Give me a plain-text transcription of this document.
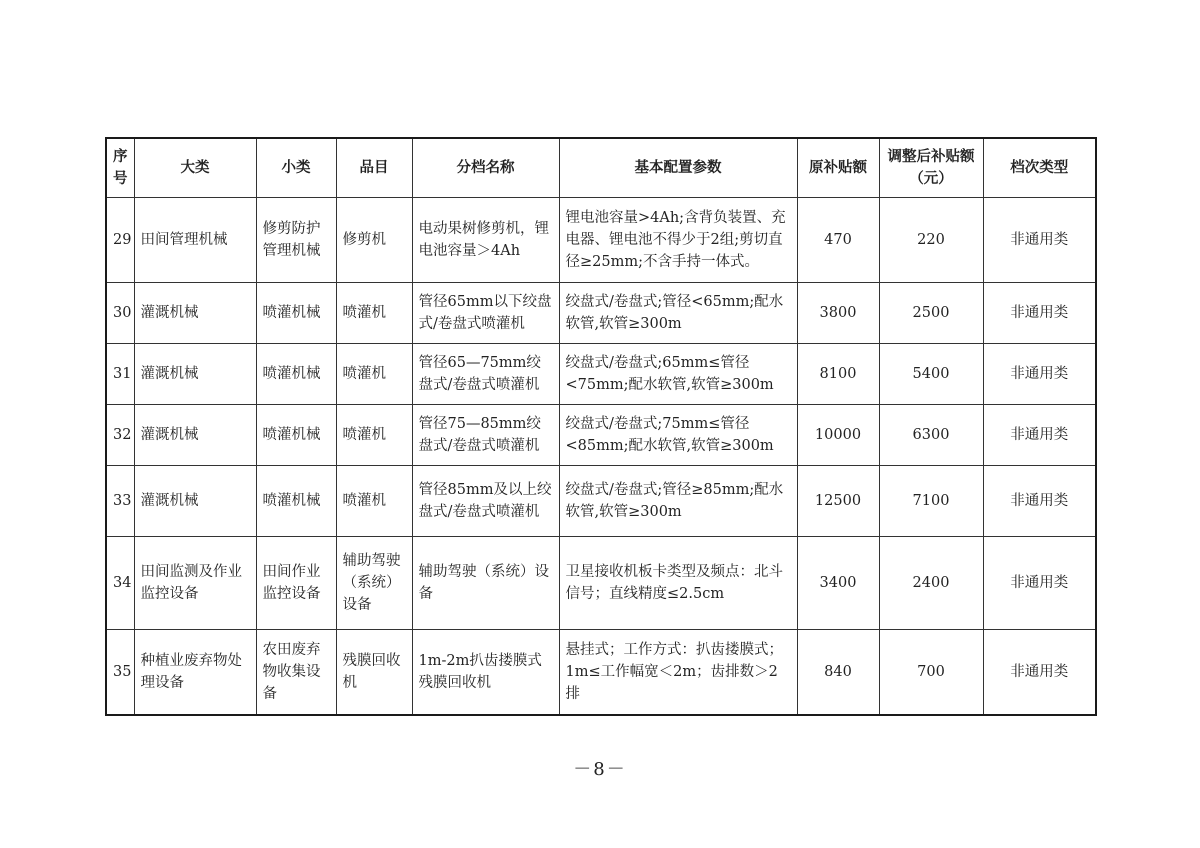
序号	大类	小类	品目	分档名称	基本配置参数	原补贴额	调整后补贴额（元）	档次类型
29	田间管理机械	修剪防护管理机械	修剪机	电动果树修剪机，锂电池容量＞4Ah	锂电池容量>4Ah;含背负装置、充电器、锂电池不得少于2组;剪切直径≥25mm;不含手持一体式。	470	220	非通用类
30	灌溉机械	喷灌机械	喷灌机	管径65mm以下绞盘式/卷盘式喷灌机	绞盘式/卷盘式;管径<65mm;配水软管,软管≥300m	3800	2500	非通用类
31	灌溉机械	喷灌机械	喷灌机	管径65—75mm绞盘式/卷盘式喷灌机	绞盘式/卷盘式;65mm≤管径<75mm;配水软管,软管≥300m	8100	5400	非通用类
32	灌溉机械	喷灌机械	喷灌机	管径75—85mm绞盘式/卷盘式喷灌机	绞盘式/卷盘式;75mm≤管径<85mm;配水软管,软管≥300m	10000	6300	非通用类
33	灌溉机械	喷灌机械	喷灌机	管径85mm及以上绞盘式/卷盘式喷灌机	绞盘式/卷盘式;管径≥85mm;配水软管,软管≥300m	12500	7100	非通用类
34	田间监测及作业监控设备	田间作业监控设备	辅助驾驶（系统）设备	辅助驾驶（系统）设备	卫星接收机板卡类型及频点：北斗信号；直线精度≤2.5cm	3400	2400	非通用类
35	种植业废弃物处理设备	农田废弃物收集设备	残膜回收机	1m-2m扒齿搂膜式残膜回收机	悬挂式；工作方式：扒齿搂膜式；1m≤工作幅宽＜2m；齿排数＞2排	840	700	非通用类
－8－
